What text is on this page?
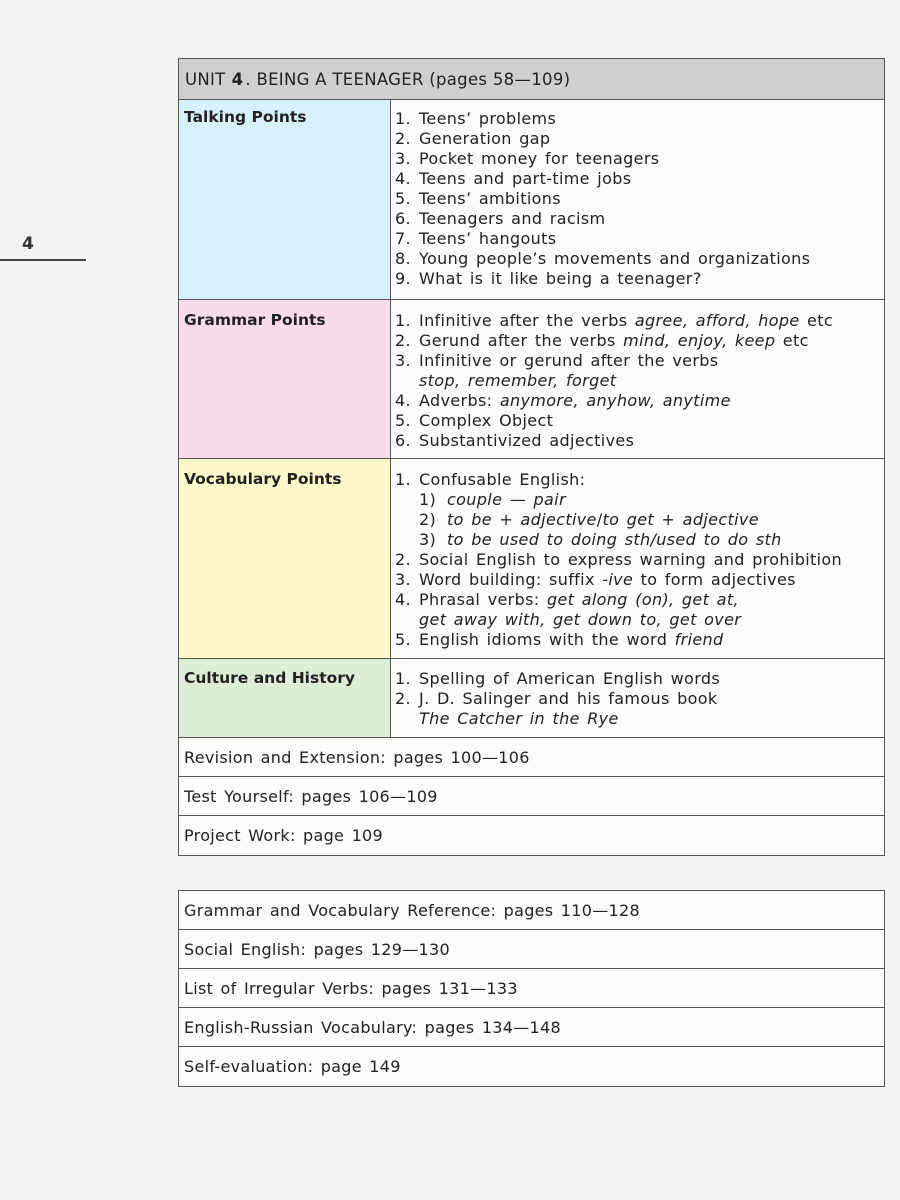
4
UNIT 4 . BEING A TEENAGER (pages 58—109)
Talking Points	1. Teens’ problems
2. Generation gap
3. Pocket money for teenagers
4. Teens and part-time jobs
5. Teens’ ambitions
6. Teenagers and racism
7. Teens’ hangouts
8. Young people’s movements and organizations
9. What is it like being a teenager?
Grammar Points	1. Infinitive after the verbs agree, afford, hope etc
2. Gerund after the verbs mind, enjoy, keep etc
3. Infinitive or gerund after the verbs
stop, remember, forget
4. Adverbs: anymore, anyhow, anytime
5. Complex Object
6. Substantivized adjectives
Vocabulary Points	1. Confusable English:
1) couple — pair
2) to be + adjective/to get + adjective
3) to be used to doing sth/used to do sth
2. Social English to express warning and prohibition
3. Word building: suffix -ive to form adjectives
4. Phrasal verbs: get along (on), get at,
get away with, get down to, get over
5. English idioms with the word friend
Culture and History	1. Spelling of American English words
2. J. D. Salinger and his famous book
The Catcher in the Rye
Revision and Extension: pages 100—106
Test Yourself: pages 106—109
Project Work: page 109
Grammar and Vocabulary Reference: pages 110—128
Social English: pages 129—130
List of Irregular Verbs: pages 131—133
English-Russian Vocabulary: pages 134—148
Self-evaluation: page 149
